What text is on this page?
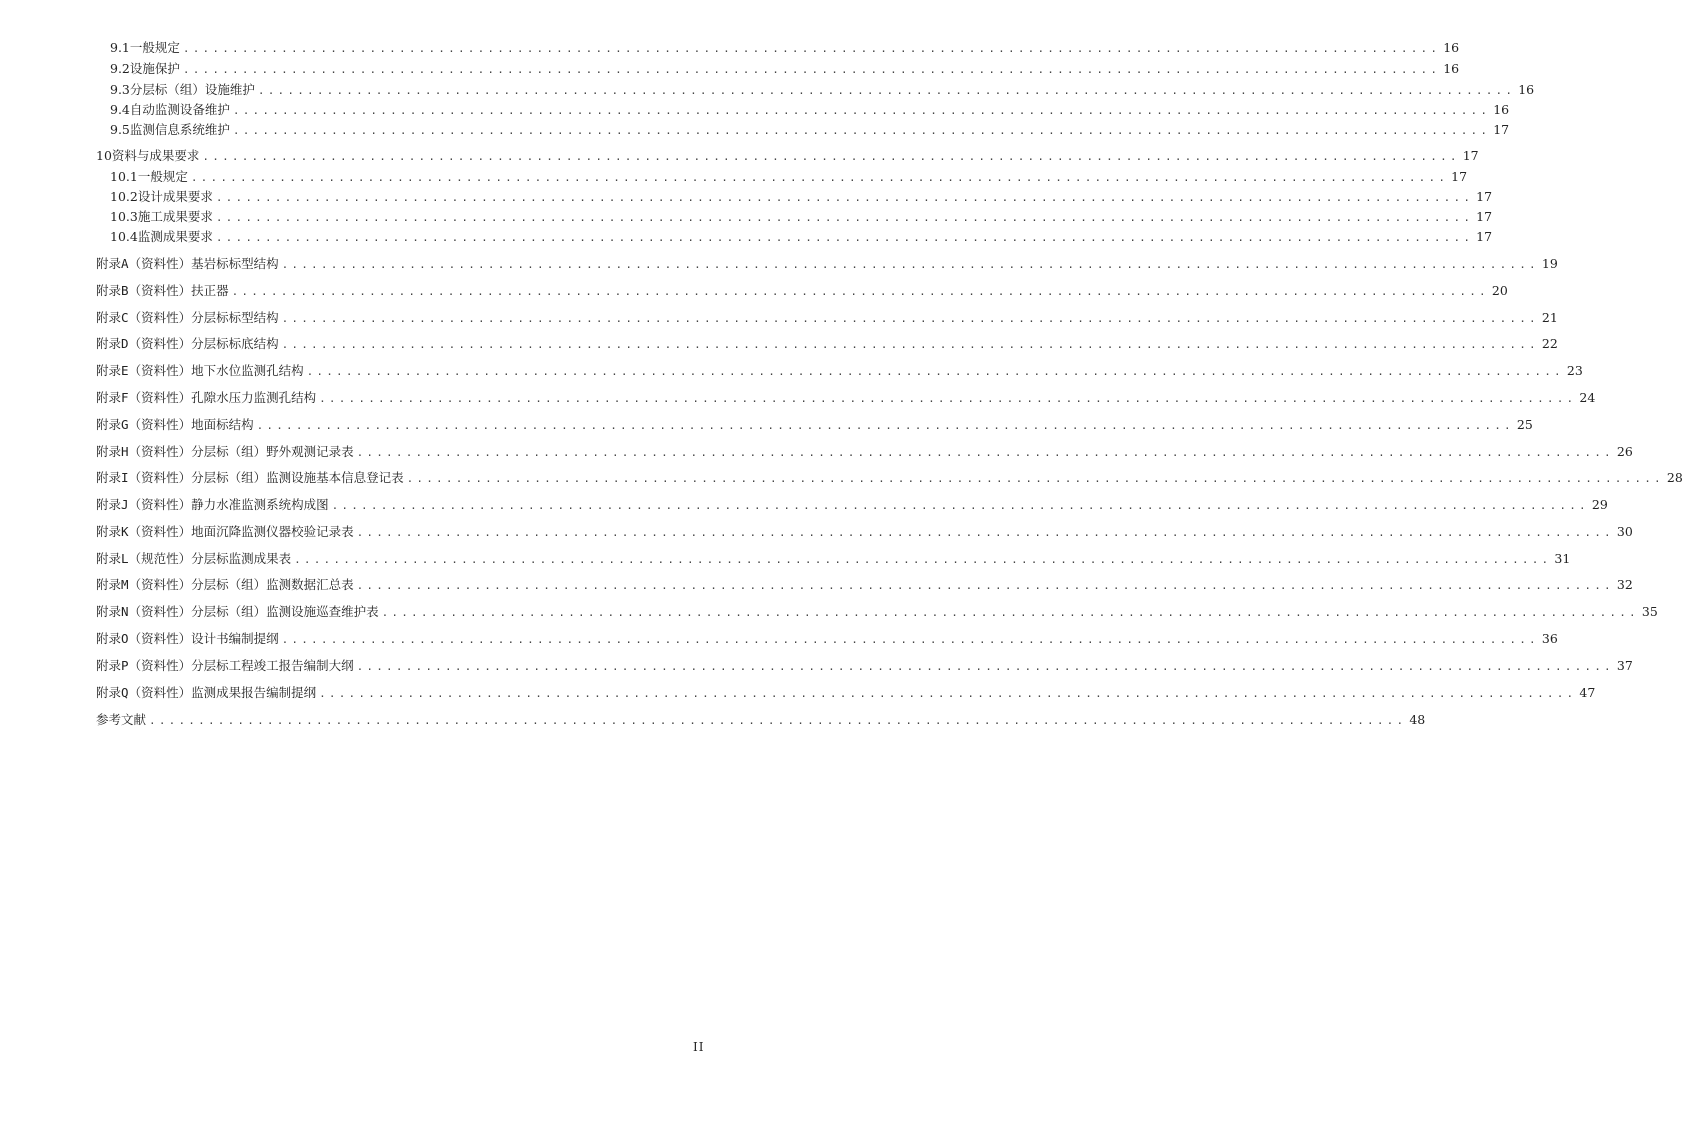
9.1 一般规定 ................................................................................................................................ 16
9.2 设施保护 ................................................................................................................................ 16
9.3 分层标（组）设施维护 ................................................................................................................................ 16
9.4 自动监测设备维护 ................................................................................................................................ 16
9.5 监测信息系统维护 ................................................................................................................................ 17
10 资料与成果要求 ................................................................................................................................ 17
10.1 一般规定 ................................................................................................................................ 17
10.2 设计成果要求 ................................................................................................................................ 17
10.3 施工成果要求 ................................................................................................................................ 17
10.4 监测成果要求 ................................................................................................................................ 17
附 录 A （资料性） 基岩标标型结构 ................................................................................................................................ 19
附 录 B （资料性） 扶正器 ................................................................................................................................ 20
附 录 C （资料性） 分层标标型结构 ................................................................................................................................ 21
附 录 D （资料性） 分层标标底结构 ................................................................................................................................ 22
附 录 E （资料性） 地下水位监测孔结构 ................................................................................................................................ 23
附 录 F （资料性） 孔隙水压力监测孔结构 ................................................................................................................................ 24
附 录 G （资料性） 地面标结构 ................................................................................................................................ 25
附 录 H （资料性） 分层标（组）野外观测记录表 ................................................................................................................................ 26
附 录 I （资料性） 分层标（组）监测设施基本信息登记表 ................................................................................................................................ 28
附 录 J （资料性） 静力水准监测系统构成图 ................................................................................................................................ 29
附 录 K （资料性） 地面沉降监测仪器校验记录表 ................................................................................................................................ 30
附 录 L （规范性） 分层标监测成果表 ................................................................................................................................ 31
附 录 M （资料性） 分层标（组）监测数据汇总表 ................................................................................................................................ 32
附 录 N （资料性） 分层标（组）监测设施巡查维护表 ................................................................................................................................ 35
附 录 O （资料性） 设计书编制提纲 ................................................................................................................................ 36
附 录 P （资料性） 分层标工程竣工报告编制大纲 ................................................................................................................................ 37
附 录 Q （资料性） 监测成果报告编制提纲 ................................................................................................................................ 47
参考文献 ................................................................................................................................ 48
II
